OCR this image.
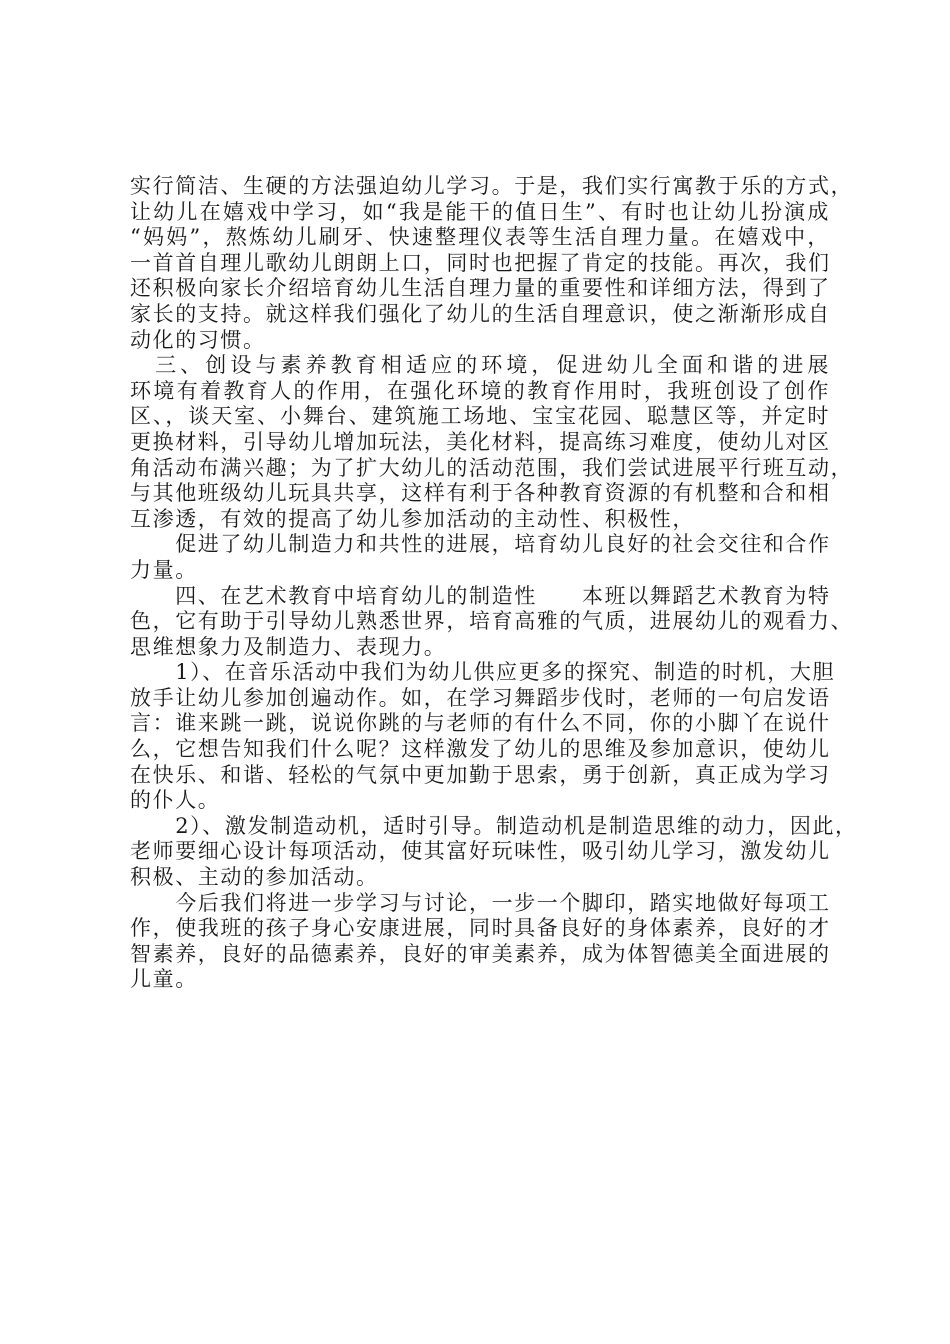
实行简洁、生硬的方法强迫幼儿学习。于是，我们实行寓教于乐的方式，
让幼儿在嬉戏中学习，如“我是能干的值日生”、有时也让幼儿扮演成
“妈妈”，熬炼幼儿刷牙、快速整理仪表等生活自理力量。在嬉戏中，
一首首自理儿歌幼儿朗朗上口，同时也把握了肯定的技能。再次，我们
还积极向家长介绍培育幼儿生活自理力量的重要性和详细方法，得到了
家长的支持。就这样我们强化了幼儿的生活自理意识，使之渐渐形成自
动化的习惯。
　三、创设与素养教育相适应的环境，促进幼儿全面和谐的进展
环境有着教育人的作用，在强化环境的教育作用时，我班创设了创作
区、，谈天室、小舞台、建筑施工场地、宝宝花园、聪慧区等，并定时
更换材料，引导幼儿增加玩法，美化材料，提高练习难度，使幼儿对区
角活动布满兴趣；为了扩大幼儿的活动范围，我们尝试进展平行班互动，
与其他班级幼儿玩具共享，这样有利于各种教育资源的有机整和合和相
互渗透，有效的提高了幼儿参加活动的主动性、积极性，
　　促进了幼儿制造力和共性的进展，培育幼儿良好的社会交往和合作
力量。
　　四、在艺术教育中培育幼儿的制造性　　本班以舞蹈艺术教育为特
色，它有助于引导幼儿熟悉世界，培育高雅的气质，进展幼儿的观看力、
思维想象力及制造力、表现力。
　　1）、在音乐活动中我们为幼儿供应更多的探究、制造的时机，大胆
放手让幼儿参加创遍动作。如，在学习舞蹈步伐时，老师的一句启发语
言：谁来跳一跳，说说你跳的与老师的有什么不同，你的小脚丫在说什
么，它想告知我们什么呢？这样激发了幼儿的思维及参加意识，使幼儿
在快乐、和谐、轻松的气氛中更加勤于思索，勇于创新，真正成为学习
的仆人。
　　2）、激发制造动机，适时引导。制造动机是制造思维的动力，因此，
老师要细心设计每项活动，使其富好玩味性，吸引幼儿学习，激发幼儿
积极、主动的参加活动。
　　今后我们将进一步学习与讨论，一步一个脚印，踏实地做好每项工
作，使我班的孩子身心安康进展，同时具备良好的身体素养，良好的才
智素养，良好的品德素养，良好的审美素养，成为体智德美全面进展的
儿童。
